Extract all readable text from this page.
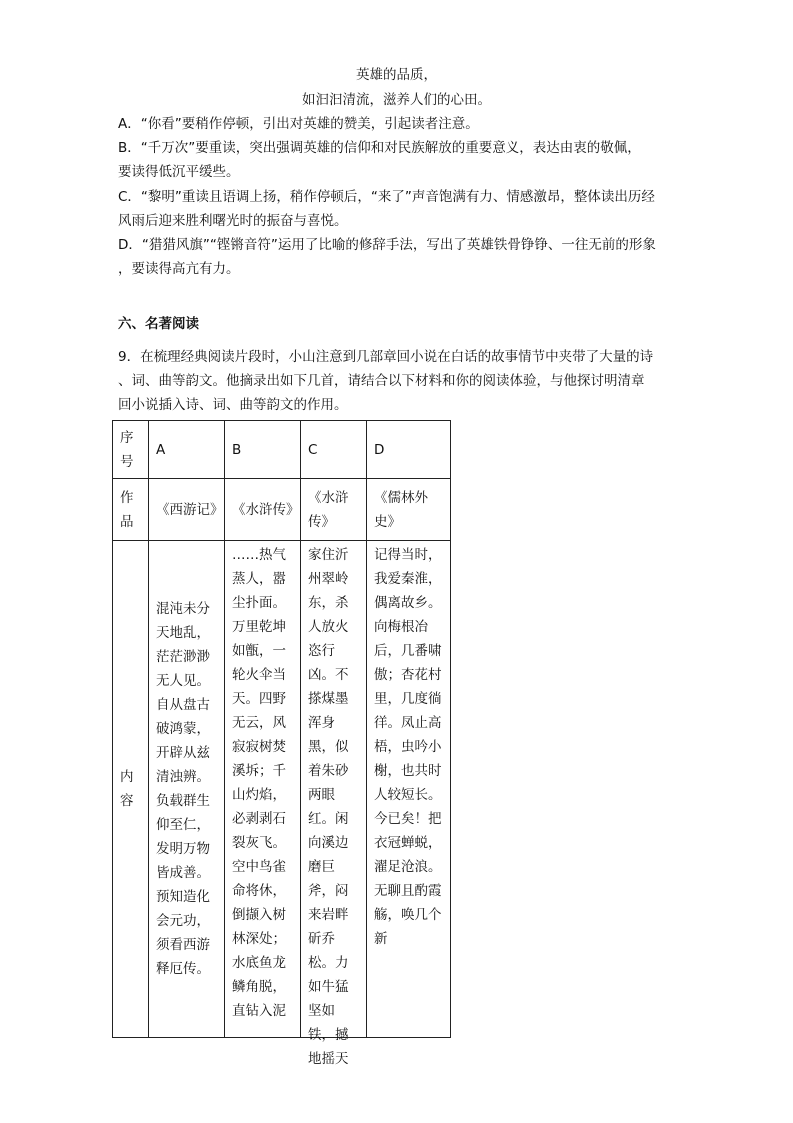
英雄的品质，
如汩汩清流，滋养人们的心田。
A．“你看”要稍作停顿，引出对英雄的赞美，引起读者注意。
B．“千万次”要重读，突出强调英雄的信仰和对民族解放的重要意义，表达由衷的敬佩，
要读得低沉平缓些。
C．“黎明”重读且语调上扬，稍作停顿后，“来了”声音饱满有力、情感激昂，整体读出历经
风雨后迎来胜利曙光时的振奋与喜悦。
D．“猎猎风旗”“铿锵音符”运用了比喻的修辞手法，写出了英雄铁骨铮铮、一往无前的形象
，要读得高亢有力。
六、名著阅读
9．在梳理经典阅读片段时，小山注意到几部章回小说在白话的故事情节中夹带了大量的诗
、词、曲等韵文。他摘录出如下几首，请结合以下材料和你的阅读体验，与他探讨明清章
回小说插入诗、词、曲等韵文的作用。
序号	A	B	C	D
作品	《西游记》	《水浒传》	《水浒传》	《儒林外史》
内容	混沌未分天地乱，茫茫渺渺无人见。自从盘古破鸿蒙，开辟从兹清浊辨。负载群生仰至仁，发明万物皆成善。预知造化会元功，须看西游释厄传。	……热气蒸人，嚣尘扑面。万里乾坤如甑，一轮火伞当天。四野无云，风寂寂树焚溪坼；千山灼焰，必剥剥石裂灰飞。空中鸟雀命将休，倒撷入树林深处；水底鱼龙鳞角脱，直钻入泥	家住沂州翠岭东，杀人放火恣行凶。不搽煤墨浑身黑，似着朱砂两眼红。闲向溪边磨巨斧，闷来岩畔斫乔松。力如牛猛坚如铁，撼地摇天	记得当时，我爱秦淮，偶离故乡。向梅根冶后，几番啸傲；杏花村里，几度徜徉。凤止高梧，虫吟小榭，也共时人较短长。今已矣！把衣冠蝉蜕，濯足沧浪。无聊且酌霞觞，唤几个新
